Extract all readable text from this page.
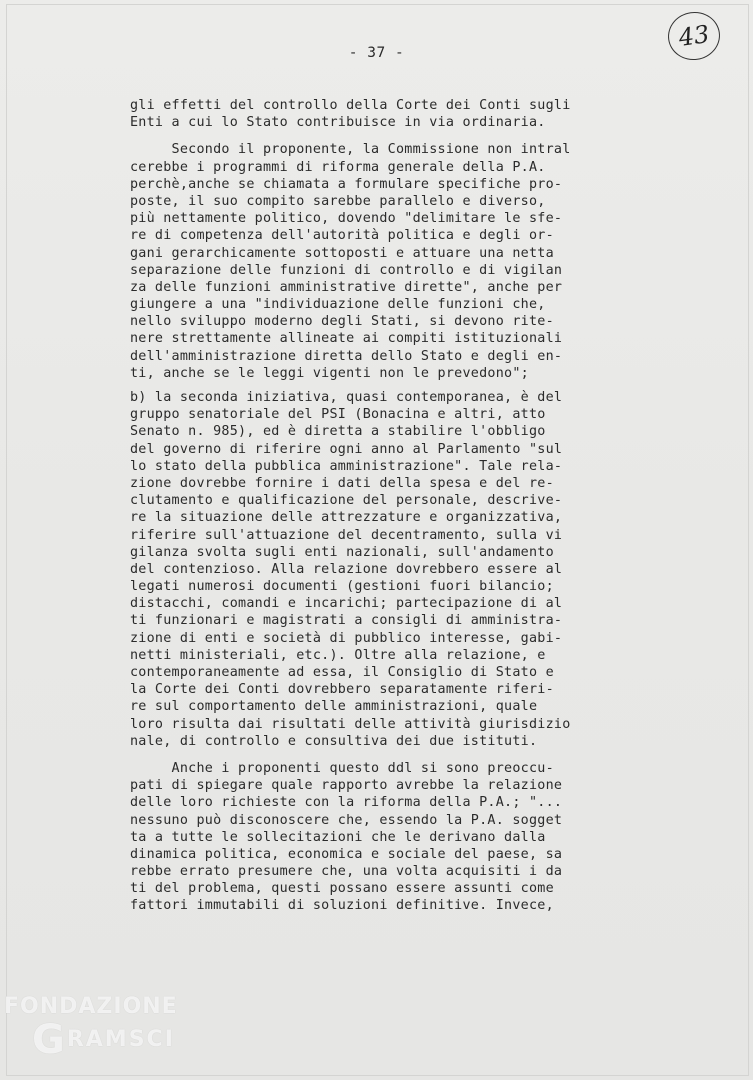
43
- 37 -
gli effetti del controllo della Corte dei Conti sugli
Enti a cui lo Stato contribuisce in via ordinaria.
Secondo il proponente, la Commissione non intral
cerebbe i programmi di riforma generale della P.A.
perchè,anche se chiamata a formulare specifiche pro-
poste, il suo compito sarebbe parallelo e diverso,
più nettamente politico, dovendo "delimitare le sfe-
re di competenza dell'autorità politica e degli or-
gani gerarchicamente sottoposti e attuare una netta
separazione delle funzioni di controllo e di vigilan
za delle funzioni amministrative dirette", anche per
giungere a una "individuazione delle funzioni che,
nello sviluppo moderno degli Stati, si devono rite-
nere strettamente allineate ai compiti istituzionali
dell'amministrazione diretta dello Stato e degli en-
ti, anche se le leggi vigenti non le prevedono";
b) la seconda iniziativa, quasi contemporanea, è del
gruppo senatoriale del PSI (Bonacina e altri, atto
Senato n. 985), ed è diretta a stabilire l'obbligo
del governo di riferire ogni anno al Parlamento "sul
lo stato della pubblica amministrazione". Tale rela-
zione dovrebbe fornire i dati della spesa e del re-
clutamento e qualificazione del personale, descrive-
re la situazione delle attrezzature e organizzativa,
riferire sull'attuazione del decentramento, sulla vi
gilanza svolta sugli enti nazionali, sull'andamento
del contenzioso. Alla relazione dovrebbero essere al
legati numerosi documenti (gestioni fuori bilancio;
distacchi, comandi e incarichi; partecipazione di al
ti funzionari e magistrati a consigli di amministra-
zione di enti e società di pubblico interesse, gabi-
netti ministeriali, etc.). Oltre alla relazione, e
contemporaneamente ad essa, il Consiglio di Stato e
la Corte dei Conti dovrebbero separatamente riferi-
re sul comportamento delle amministrazioni, quale
loro risulta dai risultati delle attività giurisdizio
nale, di controllo e consultiva dei due istituti.
Anche i proponenti questo ddl si sono preoccu-
pati di spiegare quale rapporto avrebbe la relazione
delle loro richieste con la riforma della P.A.; "...
nessuno può disconoscere che, essendo la P.A. sogget
ta a tutte le sollecitazioni che le derivano dalla
dinamica politica, economica e sociale del paese, sa
rebbe errato presumere che, una volta acquisiti i da
ti del problema, questi possano essere assunti come
fattori immutabili di soluzioni definitive. Invece,
FONDAZIONE
G RAMSCI
